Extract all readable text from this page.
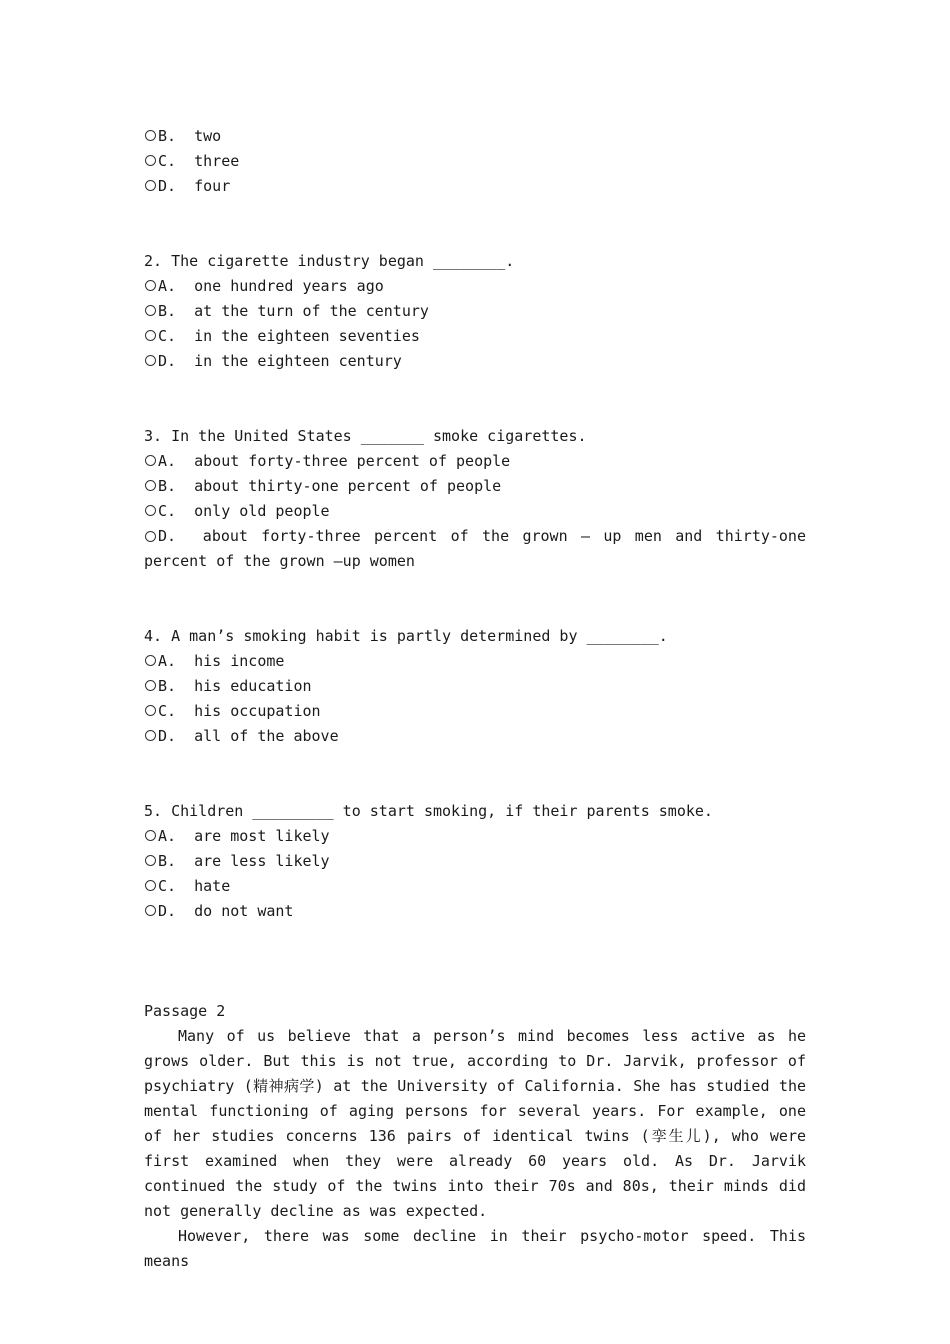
B.
two
C.
three
D.
four
2. The cigarette industry began ________.
A.
one hundred years ago
B.
at the turn of the century
C.
in the eighteen seventies
D.
in the eighteen century
3. In the United States _______ smoke cigarettes.
A.
about forty-three percent of people
B.
about thirty-one percent of people
C.
only old people
D. about forty-three percent of the grown – up men and thirty-one percent of the grown –up women
4. A man’s smoking habit is partly determined by ________.
A.
his income
B.
his education
C.
his occupation
D.
all of the above
5. Children _________ to start smoking, if their parents smoke.
A.
are most likely
B.
are less likely
C.
hate
D.
do not want
Passage 2
Many of us believe that a person’s mind becomes less active as he grows older. But this is not true, according to Dr. Jarvik, professor of psychiatry (精神病学) at the University of California. She has studied the mental functioning of aging persons for several years. For example, one of her studies concerns 136 pairs of identical twins (孪生儿), who were first examined when they were already 60 years old. As Dr. Jarvik continued the study of the twins into their 70s and 80s, their minds did not generally decline as was expected.
However, there was some decline in their psycho-motor speed. This means
